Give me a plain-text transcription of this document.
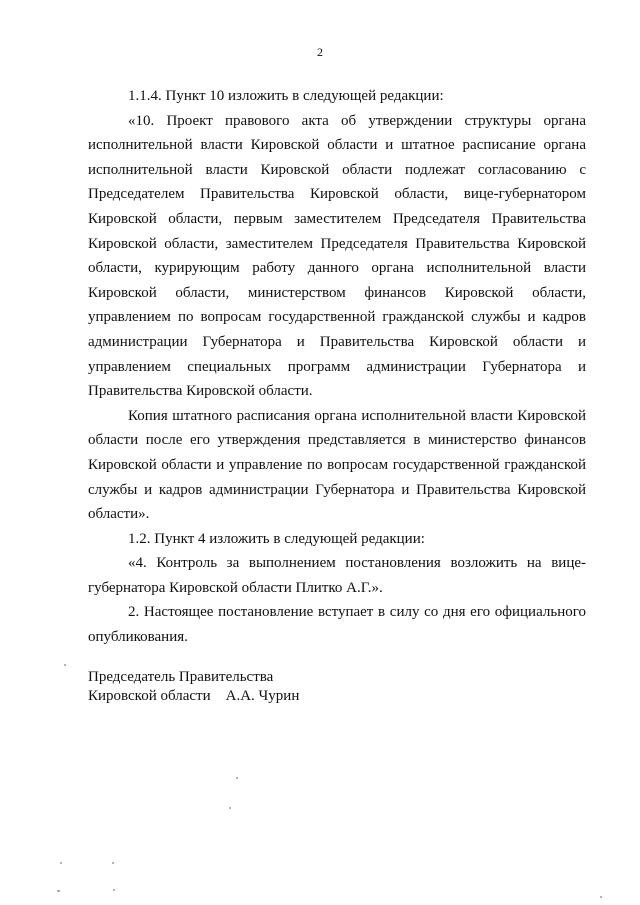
2

1.1.4. Пункт 10 изложить в следующей редакции:

«10. Проект правового акта об утверждении структуры органа исполнительной власти Кировской области и штатное расписание органа исполнительной власти Кировской области подлежат согласованию с Председателем Правительства Кировской области, вице-губернатором Кировской области, первым заместителем Председателя Правительства Кировской области, заместителем Председателя Правительства Кировской области, курирующим работу данного органа исполнительной власти Кировской области, министерством финансов Кировской области, управлением по вопросам государственной гражданской службы и кадров администрации Губернатора и Правительства Кировской области и управлением специальных программ администрации Губернатора и Правительства Кировской области.

Копия штатного расписания органа исполнительной власти Кировской области после его утверждения представляется в министерство финансов Кировской области и управление по вопросам государственной гражданской службы и кадров администрации Губернатора и Правительства Кировской области».

1.2. Пункт 4 изложить в следующей редакции:

«4. Контроль за выполнением постановления возложить на вице-губернатора Кировской области Плитко А.Г.».

2. Настоящее постановление вступает в силу со дня его официального опубликования.

Председатель Правительства
Кировской области А.А. Чурин
